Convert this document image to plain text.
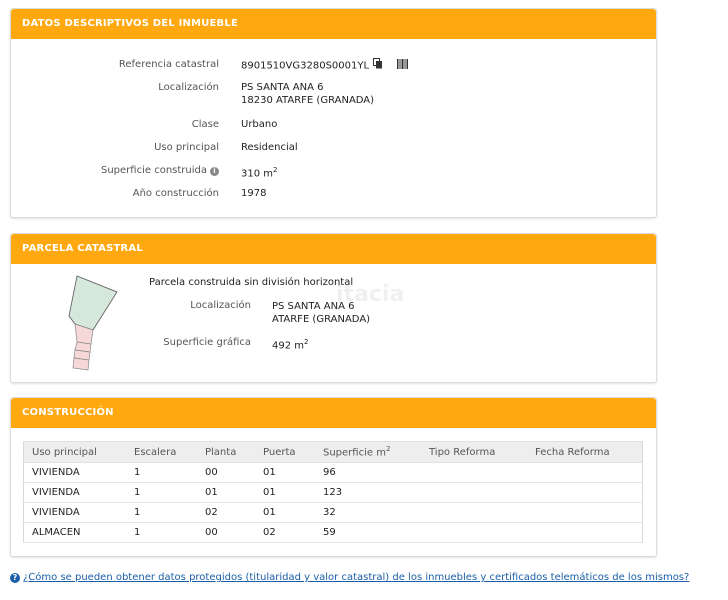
DATOS DESCRIPTIVOS DEL INMUEBLE
Referencia catastral 8901510VG3280S0001YL
Localización PS SANTA ANA 6
18230 ATARFE (GRANADA)
Clase Urbano
Uso principal Residencial
Superficie construida i	310 $m^2$
Año construcción 1978
PARCELA CATASTRAL
itacia
Parcela construida sin división horizontal
Localización PS SANTA ANA 6
ATARFE (GRANADA)
Superficie gráfica 492 $m^2$
CONSTRUCCIÓN
Uso principal	Escalera	Planta	Puerta	Superficie $m^2$	Tipo Reforma	Fecha Reforma
VIVIENDA	1	00	01	96		
VIVIENDA	1	01	01	123		
VIVIENDA	1	02	01	32		
ALMACEN	1	00	02	59		
? ¿Cómo se pueden obtener datos protegidos (titularidad y valor catastral) de los inmuebles y certificados telemáticos de los mismos?
